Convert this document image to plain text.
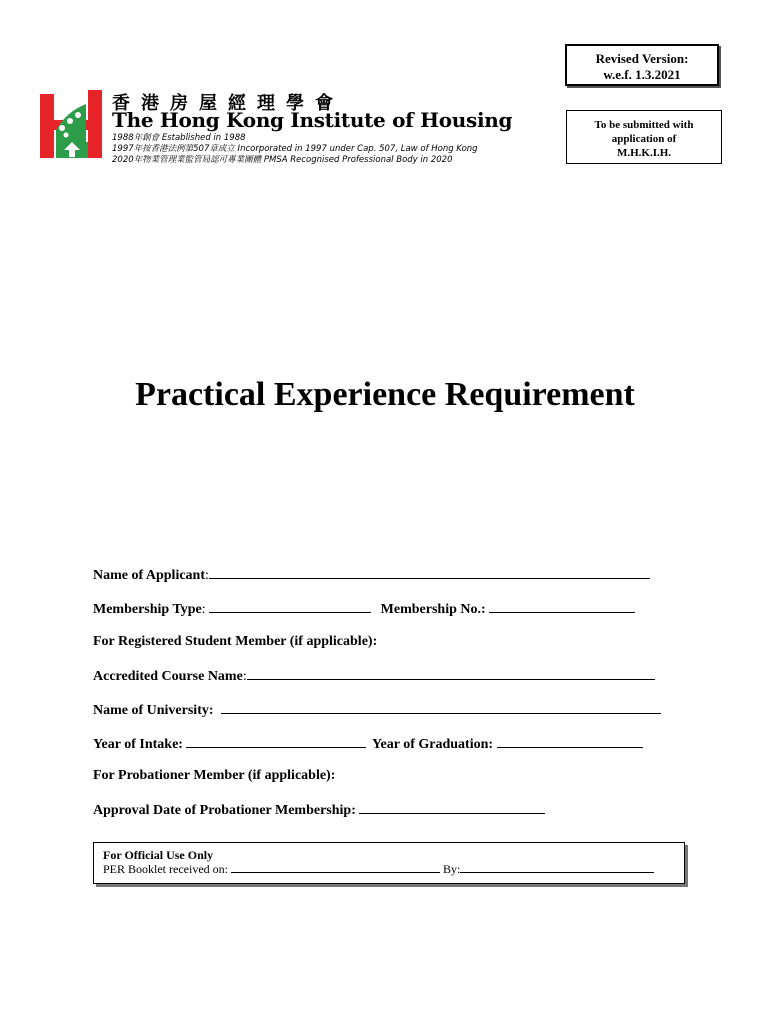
Revised Version:
w.e.f. 1.3.2021
To be submitted with
application of
M.H.K.I.H.
香港房屋經理學會
The Hong Kong Institute of Housing
1988年創會 Established in 1988
1997年按香港法例第507章成立 Incorporated in 1997 under Cap. 507, Law of Hong Kong
2020年物業管理業監管局認可專業團體 PMSA Recognised Professional Body in 2020
Practical Experience Requirement
Name of Applicant:
Membership Type:	Membership No.:
For Registered Student Member (if applicable):
Accredited Course Name:
Name of University:
Year of Intake:	Year of Graduation:
For Probationer Member (if applicable):
Approval Date of Probationer Membership:
For Official Use Only
PER Booklet received on:	By:
